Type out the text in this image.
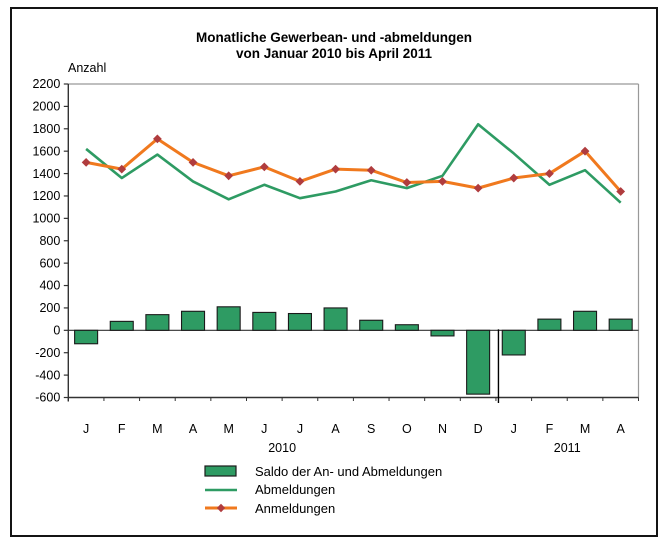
Monatliche Gewerbean- und -abmeldungen
von Januar 2010 bis April 2011
Anzahl
2200
2000
1800
1600
1400
1200
1000
800
600
400
200
0
-200
-400
-600
J F M A M J J A S O N D J F M A
2010	2011
Saldo der An- und Abmeldungen
Abmeldungen
Anmeldungen
